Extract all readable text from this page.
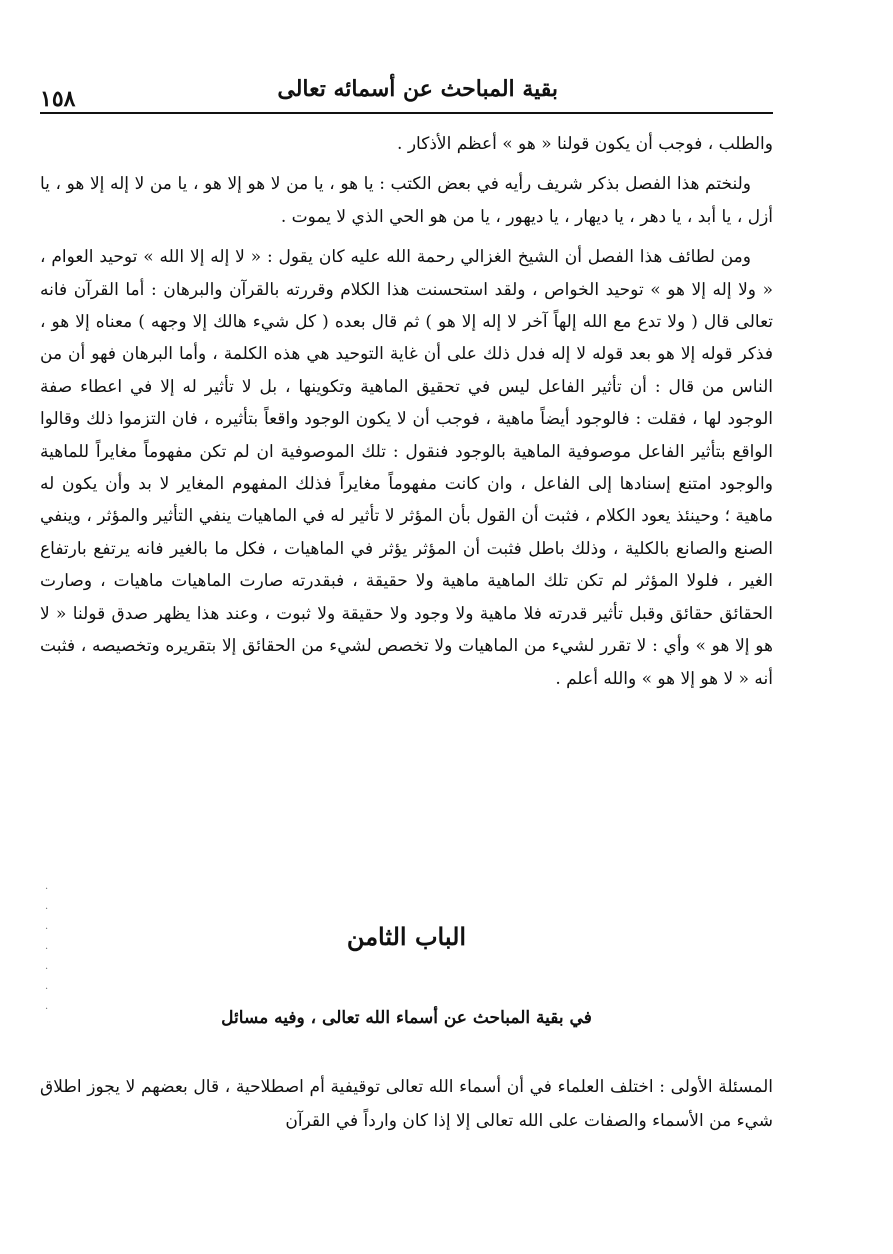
بقية المباحث عن أسمائه تعالى
١٥٨

والطلب ، فوجب أن يكون قولنا « هو » أعظم الأذكار .

ولنختم هذا الفصل بذكر شريف رأيه في بعض الكتب : يا هو ، يا من لا هو إلا هو ، يا من لا إله إلا هو ، يا أزل ، يا أبد ، يا دهر ، يا ديهار ، يا ديهور ، يا من هو الحي الذي لا يموت .

ومن لطائف هذا الفصل أن الشيخ الغزالي رحمة الله عليه كان يقول : « لا إله إلا الله » توحيد العوام ، « ولا إله إلا هو » توحيد الخواص ، ولقد استحسنت هذا الكلام وقررته بالقرآن والبرهان : أما القرآن فانه تعالى قال ( ولا تدع مع الله إلهاً آخر لا إله إلا هو ) ثم قال بعده ( كل شيء هالك إلا وجهه ) معناه إلا هو ، فذكر قوله إلا هو بعد قوله لا إله فدل ذلك على أن غاية التوحيد هي هذه الكلمة ، وأما البرهان فهو أن من الناس من قال : أن تأثير الفاعل ليس في تحقيق الماهية وتكوينها ، بل لا تأثير له إلا في اعطاء صفة الوجود لها ، فقلت : فالوجود أيضاً ماهية ، فوجب أن لا يكون الوجود واقعاً بتأثيره ، فان التزموا ذلك وقالوا الواقع بتأثير الفاعل موصوفية الماهية بالوجود فنقول : تلك الموصوفية ان لم تكن مفهوماً مغايراً للماهية والوجود امتنع إسنادها إلى الفاعل ، وان كانت مفهوماً مغايراً فذلك المفهوم المغاير لا بد وأن يكون له ماهية ؛ وحينئذ يعود الكلام ، فثبت أن القول بأن المؤثر لا تأثير له في الماهيات ينفي التأثير والمؤثر ، وينفي الصنع والصانع بالكلية ، وذلك باطل فثبت أن المؤثر يؤثر في الماهيات ، فكل ما بالغير فانه يرتفع بارتفاع الغير ، فلولا المؤثر لم تكن تلك الماهية ماهية ولا حقيقة ، فبقدرته صارت الماهيات ماهيات ، وصارت الحقائق حقائق وقبل تأثير قدرته فلا ماهية ولا وجود ولا حقيقة ولا ثبوت ، وعند هذا يظهر صدق قولنا « لا هو إلا هو » وأي : لا تقرر لشيء من الماهيات ولا تخصص لشيء من الحقائق إلا بتقريره وتخصيصه ، فثبت أنه « لا هو إلا هو » والله أعلم .

·
·
·
·
·
·
·
الباب الثامن
في بقية المباحث عن أسماء الله تعالى ، وفيه مسائل
المسئلة الأولى : اختلف العلماء في أن أسماء الله تعالى توقيفية أم اصطلاحية ، قال بعضهم لا يجوز اطلاق شيء من الأسماء والصفات على الله تعالى إلا إذا كان وارداً في القرآن
